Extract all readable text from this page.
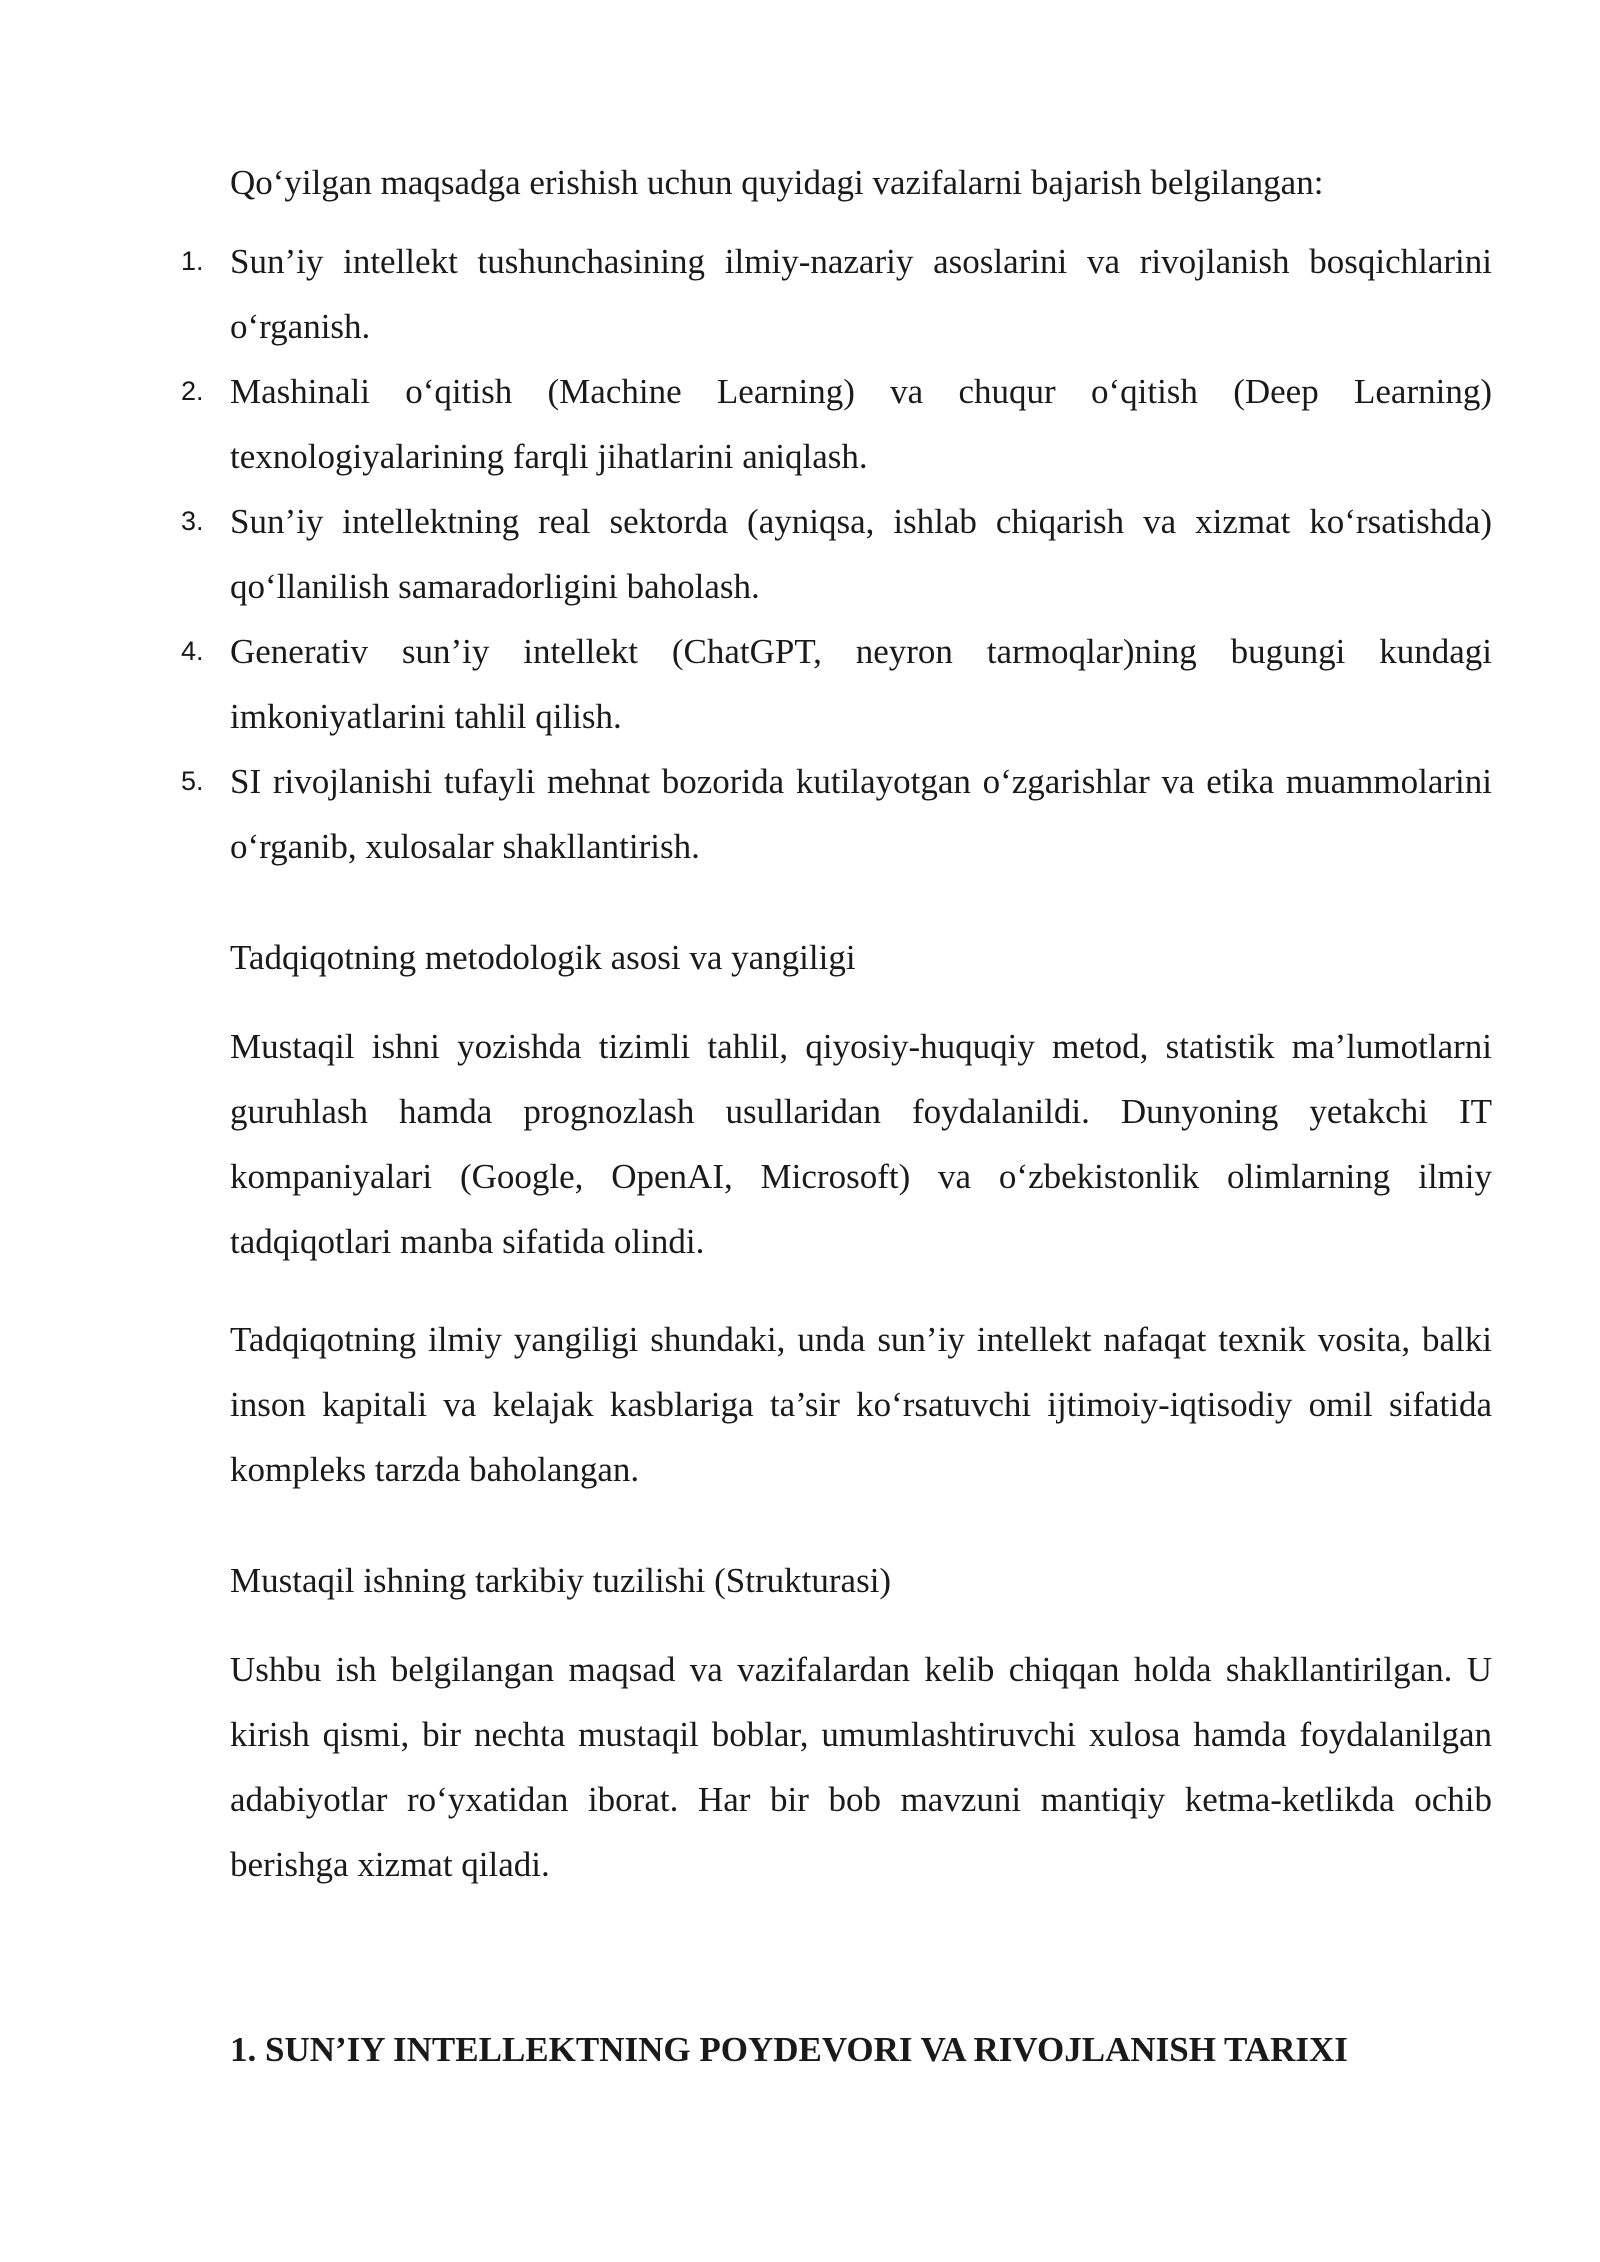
Qo‘yilgan maqsadga erishish uchun quyidagi vazifalarni bajarish belgilangan:

1. Sun’iy intellekt tushunchasining ilmiy-nazariy asoslarini va rivojlanish bosqichlarini o‘rganish.
2. Mashinali o‘qitish (Machine Learning) va chuqur o‘qitish (Deep Learning) texnologiyalarining farqli jihatlarini aniqlash.
3. Sun’iy intellektning real sektorda (ayniqsa, ishlab chiqarish va xizmat ko‘rsatishda) qo‘llanilish samaradorligini baholash.
4. Generativ sun’iy intellekt (ChatGPT, neyron tarmoqlar)ning bugungi kundagi imkoniyatlarini tahlil qilish.
5. SI rivojlanishi tufayli mehnat bozorida kutilayotgan o‘zgarishlar va etika muammolarini o‘rganib, xulosalar shakllantirish.

Tadqiqotning metodologik asosi va yangiligi

Mustaqil ishni yozishda tizimli tahlil, qiyosiy-huquqiy metod, statistik ma’lumotlarni guruhlash hamda prognozlash usullaridan foydalanildi. Dunyoning yetakchi IT kompaniyalari (Google, OpenAI, Microsoft) va o‘zbekistonlik olimlarning ilmiy tadqiqotlari manba sifatida olindi.

Tadqiqotning ilmiy yangiligi shundaki, unda sun’iy intellekt nafaqat texnik vosita, balki inson kapitali va kelajak kasblariga ta’sir ko‘rsatuvchi ijtimoiy-iqtisodiy omil sifatida kompleks tarzda baholangan.

Mustaqil ishning tarkibiy tuzilishi (Strukturasi)

Ushbu ish belgilangan maqsad va vazifalardan kelib chiqqan holda shakllantirilgan. U kirish qismi, bir nechta mustaqil boblar, umumlashtiruvchi xulosa hamda foydalanilgan adabiyotlar ro‘yxatidan iborat. Har bir bob mavzuni mantiqiy ketma-ketlikda ochib berishga xizmat qiladi.

1. SUN’IY INTELLEKTNING POYDEVORI VA RIVOJLANISH TARIXI
